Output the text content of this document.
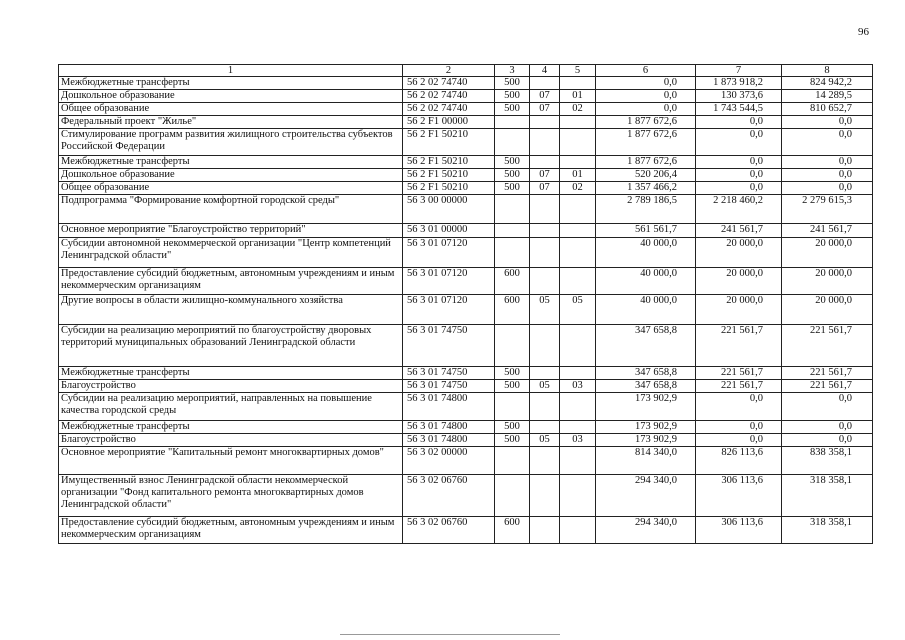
96
1	2	3	4	5	6	7	8
Межбюджетные трансферты	56 2 02 74740	500			0,0	1 873 918,2	824 942,2
Дошкольное образование	56 2 02 74740	500	07	01	0,0	130 373,6	14 289,5
Общее образование	56 2 02 74740	500	07	02	0,0	1 743 544,5	810 652,7
Федеральный проект "Жилье"	56 2 F1 00000				1 877 672,6	0,0	0,0
Стимулирование программ развития жилищного строительства субъектов Российской Федерации	56 2 F1 50210				1 877 672,6	0,0	0,0
Межбюджетные трансферты	56 2 F1 50210	500			1 877 672,6	0,0	0,0
Дошкольное образование	56 2 F1 50210	500	07	01	520 206,4	0,0	0,0
Общее образование	56 2 F1 50210	500	07	02	1 357 466,2	0,0	0,0
Подпрограмма "Формирование комфортной городской среды"	56 3 00 00000				2 789 186,5	2 218 460,2	2 279 615,3
Основное мероприятие "Благоустройство территорий"	56 3 01 00000				561 561,7	241 561,7	241 561,7
Субсидии автономной некоммерческой организации "Центр компетенций Ленинградской области"	56 3 01 07120				40 000,0	20 000,0	20 000,0
Предоставление субсидий бюджетным, автономным учреждениям и иным некоммерческим организациям	56 3 01 07120	600			40 000,0	20 000,0	20 000,0
Другие вопросы в области жилищно-коммунального хозяйства	56 3 01 07120	600	05	05	40 000,0	20 000,0	20 000,0
Субсидии на реализацию мероприятий по благоустройству дворовых территорий муниципальных образований Ленинградской области	56 3 01 74750				347 658,8	221 561,7	221 561,7
Межбюджетные трансферты	56 3 01 74750	500			347 658,8	221 561,7	221 561,7
Благоустройство	56 3 01 74750	500	05	03	347 658,8	221 561,7	221 561,7
Субсидии на реализацию мероприятий, направленных на повышение качества городской среды	56 3 01 74800				173 902,9	0,0	0,0
Межбюджетные трансферты	56 3 01 74800	500			173 902,9	0,0	0,0
Благоустройство	56 3 01 74800	500	05	03	173 902,9	0,0	0,0
Основное мероприятие "Капитальный ремонт многоквартирных домов"	56 3 02 00000				814 340,0	826 113,6	838 358,1
Имущественный взнос Ленинградской области некоммерческой организации "Фонд капитального ремонта многоквартирных домов Ленинградской области"	56 3 02 06760				294 340,0	306 113,6	318 358,1
Предоставление субсидий бюджетным, автономным учреждениям и иным некоммерческим организациям	56 3 02 06760	600			294 340,0	306 113,6	318 358,1
